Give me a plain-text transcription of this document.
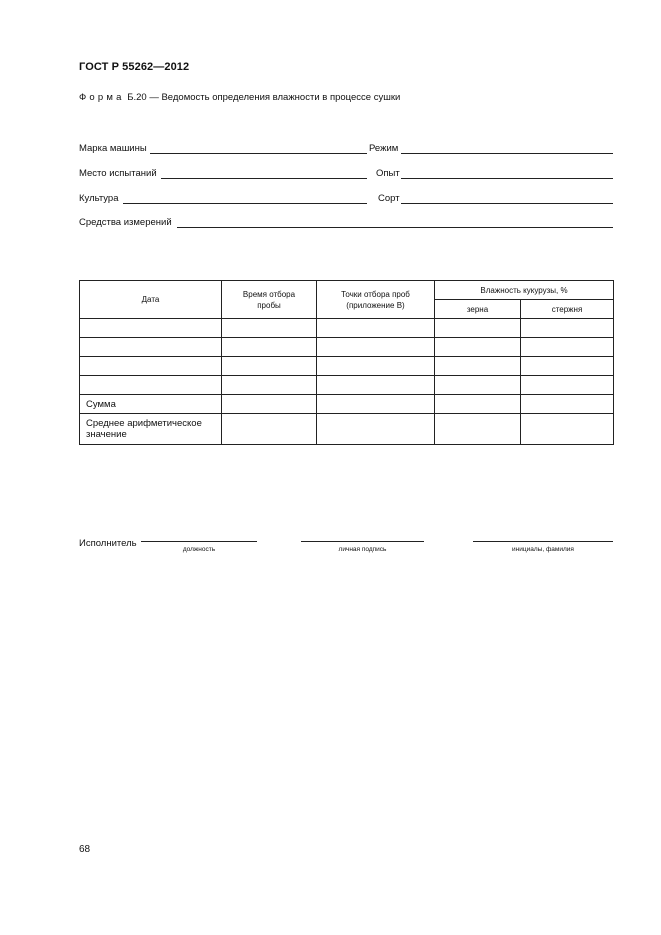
ГОСТ Р 55262—2012
Форма Б.20 — Ведомость определения влажности в процессе сушки
Марка машины	Режим
Место испытаний	Опыт
Культура	Сорт
Средства измерений
Дата	Время отбора пробы	Точки отбора проб (приложение В)	Влажность кукурузы, %	
			зерна	стержня

Сумма				

Среднее арифметическое значение				

Исполнитель
должность	личная подпись	инициалы, фамилия
68
